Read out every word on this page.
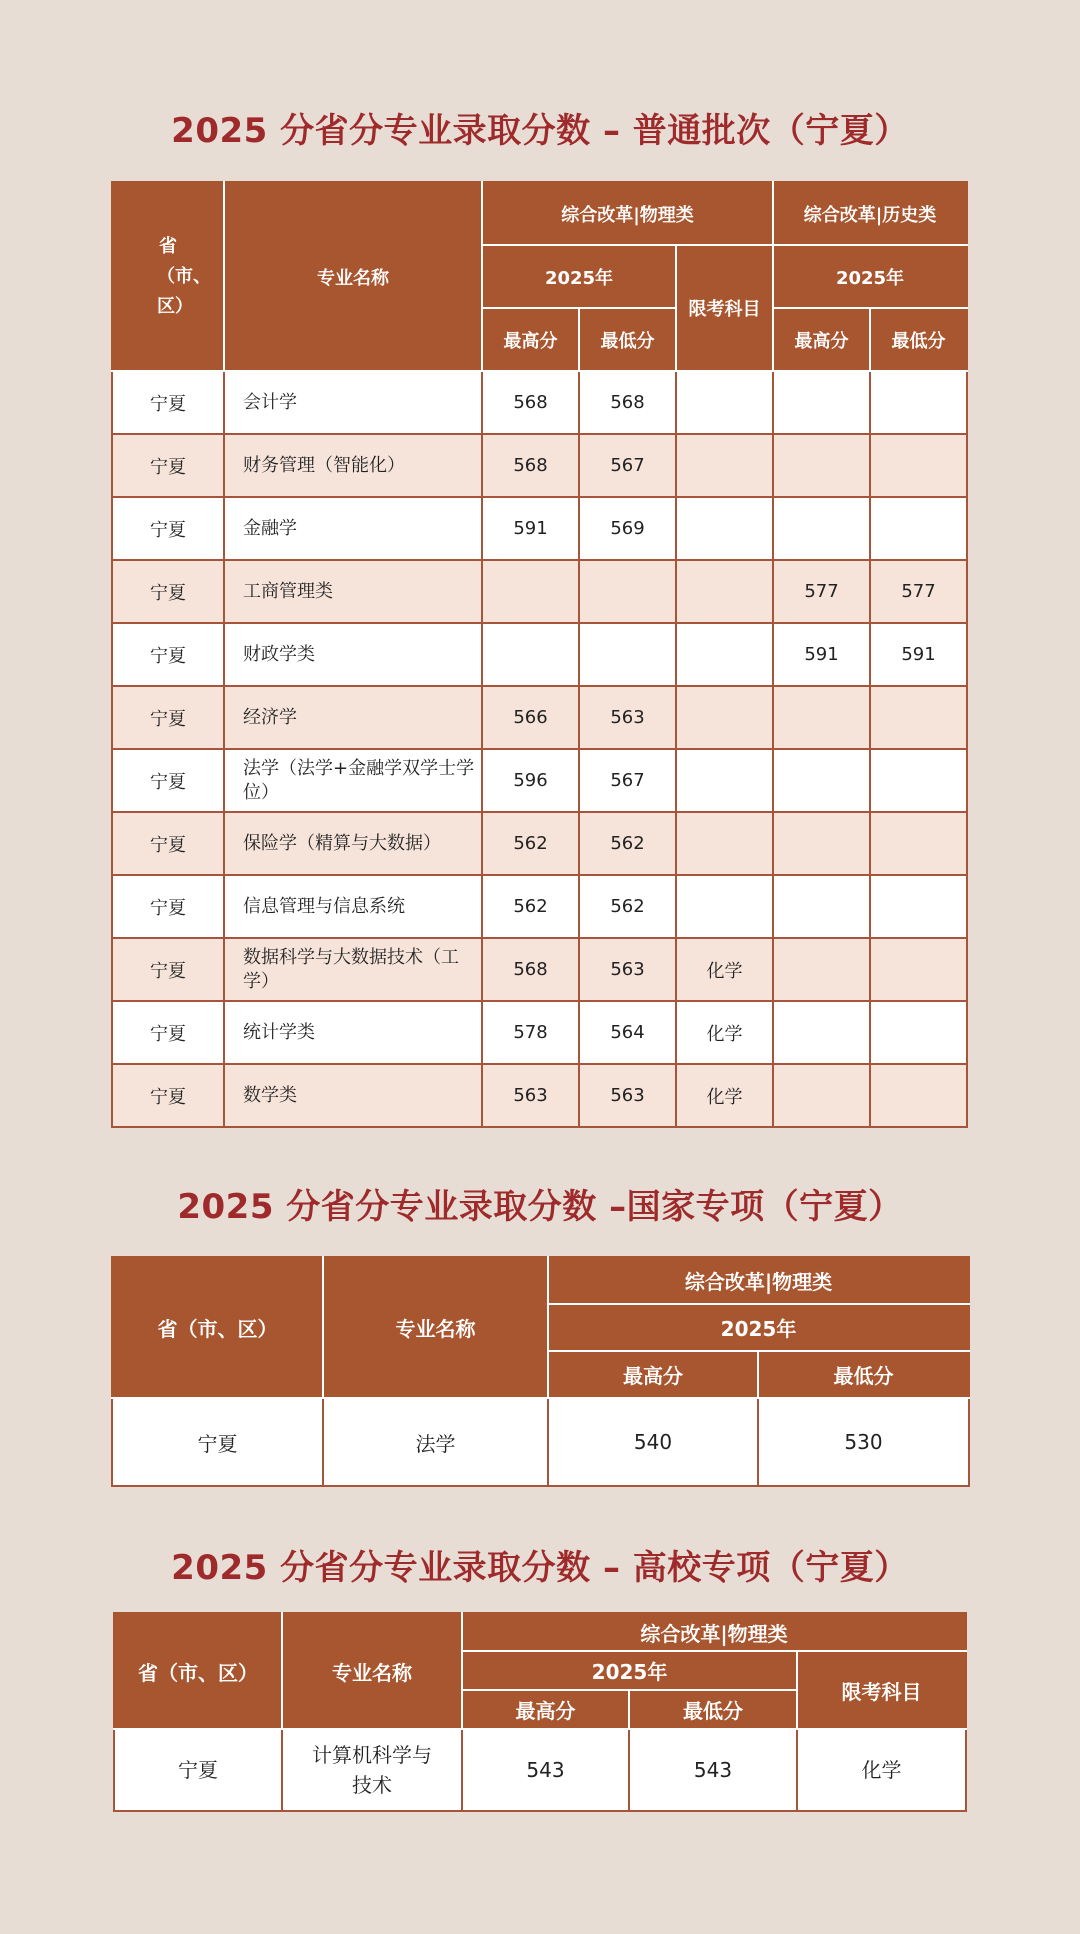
2025 分省分专业录取分数 – 普通批次（宁夏）
省（市、区）	专业名称	综合改革|物理类			综合改革|历史类	
		2025年		限考科目	2025年	
		最高分	最低分		最高分	最低分
宁夏	会计学	568	568			
宁夏	财务管理（智能化）	568	567			
宁夏	金融学	591	569			
宁夏	工商管理类				577	577
宁夏	财政学类				591	591
宁夏	经济学	566	563			
宁夏	法学（法学+金融学双学士学位）	596	567			
宁夏	保险学（精算与大数据）	562	562			
宁夏	信息管理与信息系统	562	562			
宁夏	数据科学与大数据技术（工学）	568	563	化学		
宁夏	统计学类	578	564	化学		
宁夏	数学类	563	563	化学		
2025 分省分专业录取分数 –国家专项（宁夏）
省（市、区）	专业名称	综合改革|物理类	
		2025年	
		最高分	最低分
宁夏	法学	540	530
2025 分省分专业录取分数 – 高校专项（宁夏）
省（市、区）	专业名称	综合改革|物理类		
		2025年		限考科目
		最高分	最低分	
宁夏	计算机科学与技术	543	543	化学
